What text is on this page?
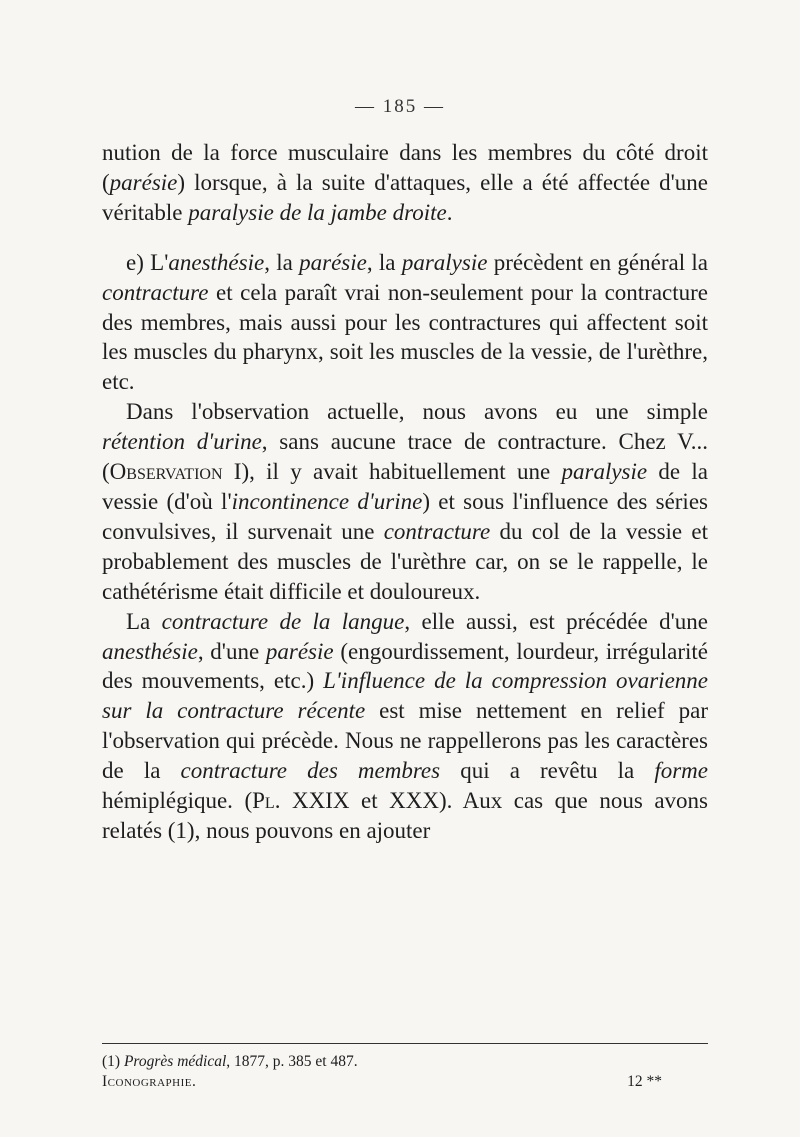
— 185 —

nution de la force musculaire dans les membres du côté droit (parésie) lorsque, à la suite d'attaques, elle a été affectée d'une véritable paralysie de la jambe droite.

e) L'anesthésie, la parésie, la paralysie précèdent en général la contracture et cela paraît vrai non-seulement pour la contracture des membres, mais aussi pour les contractures qui affectent soit les muscles du pharynx, soit les muscles de la vessie, de l'urèthre, etc.

Dans l'observation actuelle, nous avons eu une simple rétention d'urine, sans aucune trace de contracture. Chez V... (Observation I), il y avait habituellement une paralysie de la vessie (d'où l'incontinence d'urine) et sous l'influence des séries convulsives, il survenait une contracture du col de la vessie et probablement des muscles de l'urèthre car, on se le rappelle, le cathétérisme était difficile et douloureux.

La contracture de la langue, elle aussi, est précédée d'une anesthésie, d'une parésie (engourdissement, lourdeur, irrégularité des mouvements, etc.) L'influence de la compression ovarienne sur la contracture récente est mise nettement en relief par l'observation qui précède. Nous ne rappellerons pas les caractères de la contracture des membres qui a revêtu la forme hémiplégique. (Pl. XXIX et XXX). Aux cas que nous avons relatés (1), nous pouvons en ajouter

(1) Progrès médical, 1877, p. 385 et 487.
Iconographie.	12 **
